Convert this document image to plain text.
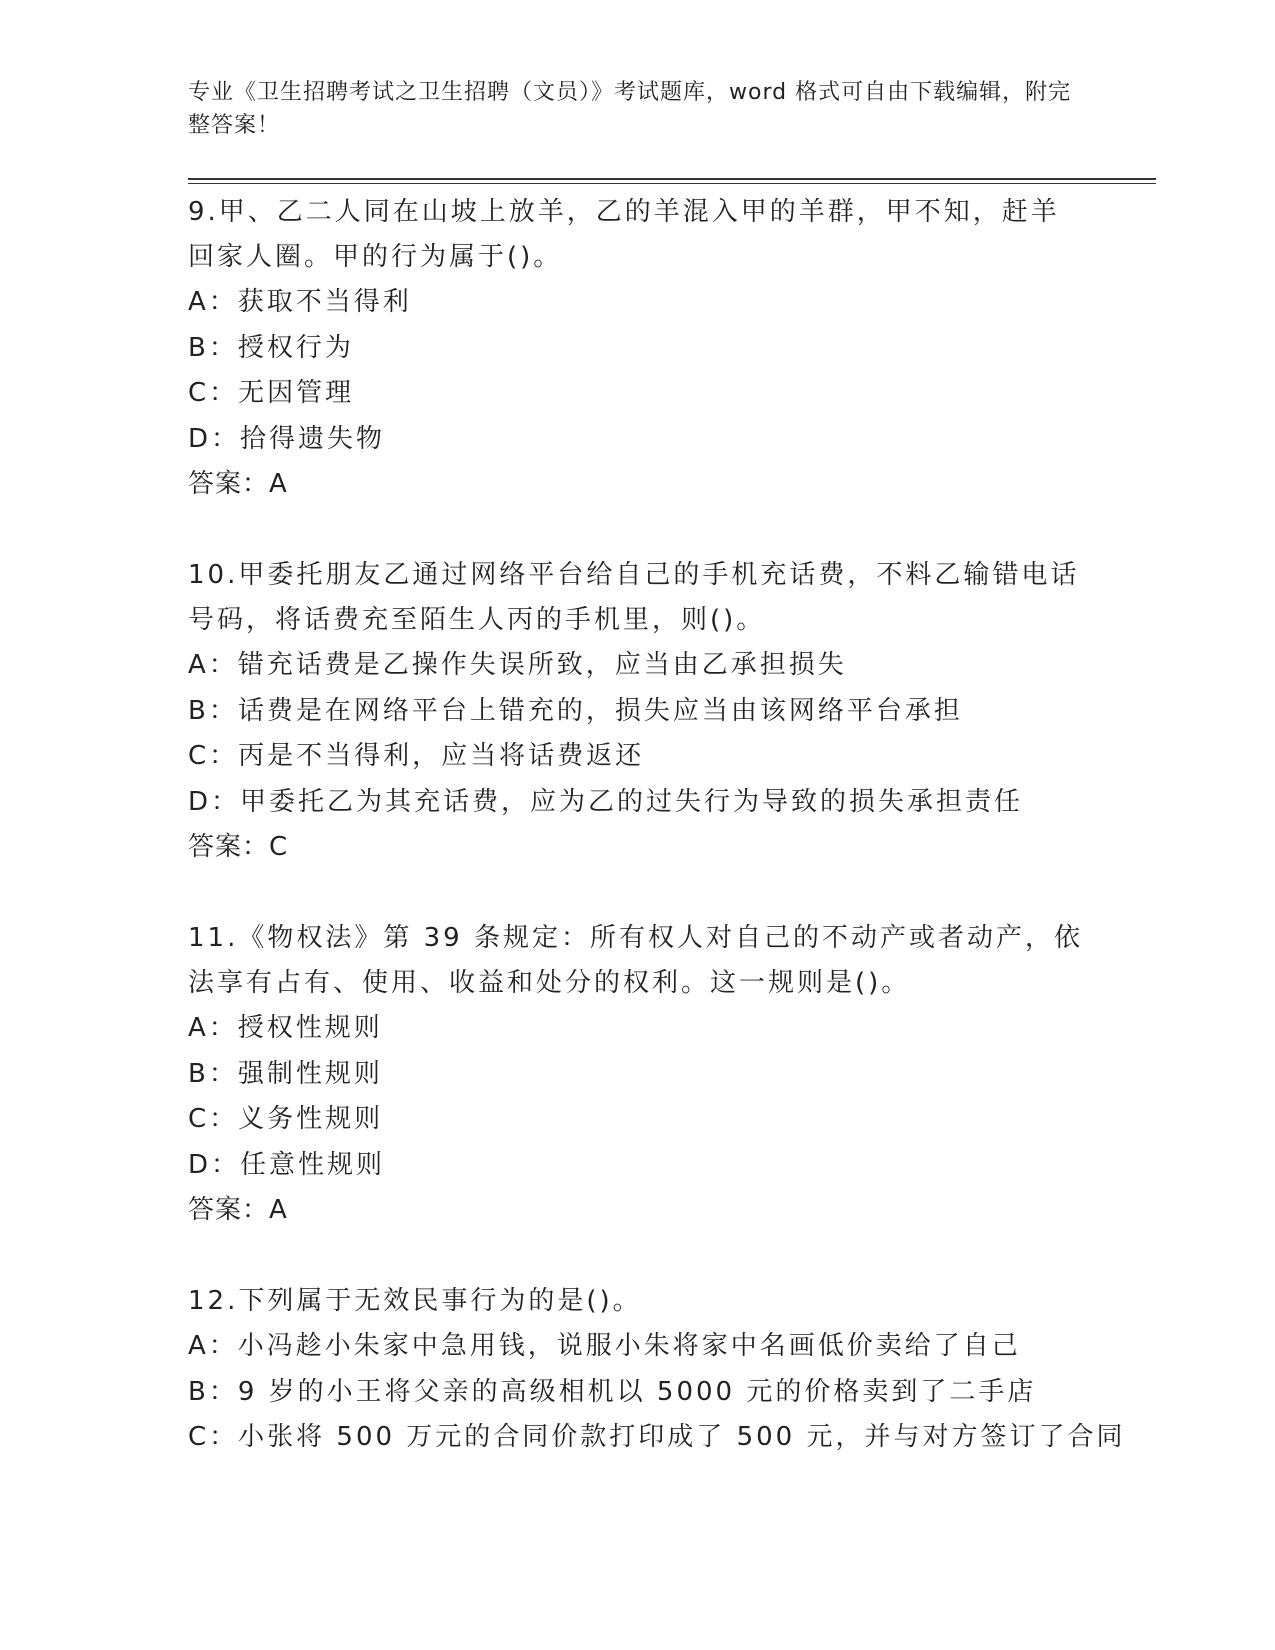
专业《卫生招聘考试之卫生招聘（文员）》考试题库，word 格式可自由下载编辑，附完整答案！
9.甲、乙二人同在山坡上放羊，乙的羊混入甲的羊群，甲不知，赶羊回家人圈。甲的行为属于()。
A：获取不当得利
B：授权行为
C：无因管理
D：拾得遗失物
答案：A
10.甲委托朋友乙通过网络平台给自己的手机充话费，不料乙输错电话号码，将话费充至陌生人丙的手机里，则()。
A：错充话费是乙操作失误所致，应当由乙承担损失
B：话费是在网络平台上错充的，损失应当由该网络平台承担
C：丙是不当得利，应当将话费返还
D：甲委托乙为其充话费，应为乙的过失行为导致的损失承担责任
答案：C
11.《物权法》第 39 条规定：所有权人对自己的不动产或者动产，依法享有占有、使用、收益和处分的权利。这一规则是()。
A：授权性规则
B：强制性规则
C：义务性规则
D：任意性规则
答案：A
12.下列属于无效民事行为的是()。
A：小冯趁小朱家中急用钱，说服小朱将家中名画低价卖给了自己
B：9 岁的小王将父亲的高级相机以 5000 元的价格卖到了二手店
C：小张将 500 万元的合同价款打印成了 500 元，并与对方签订了合同
